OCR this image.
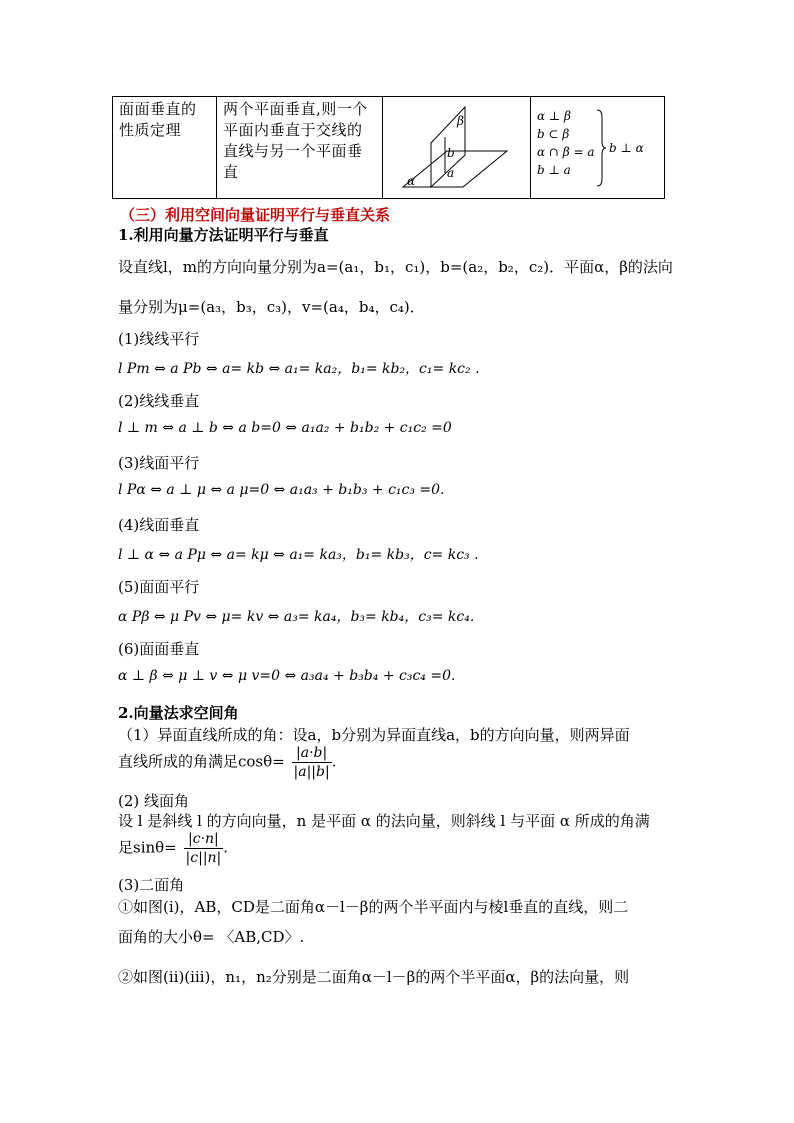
面面垂直的
性质定理
两个平面垂直,则一个
平面内垂直于交线的
直线与另一个平面垂
直
β
b
α
a
α ⊥ β
b ⊂ β
α ∩ β = a
b ⊥ a
b ⊥ α
（三）利用空间向量证明平行与垂直关系
1.利用向量方法证明平行与垂直
设直线l，m的方向向量分别为a=(a₁，b₁，c₁)，b=(a₂，b₂，c₂)．平面α，β的法向
量分别为μ=(a₃，b₃，c₃)，v=(a₄，b₄，c₄)．
(1)线线平行
l Pm ⇔ a Pb ⇔ a= kb ⇔ a₁= ka₂，b₁= kb₂，c₁= kc₂ .
(2)线线垂直
l ⊥ m ⇔ a ⊥ b ⇔ a b=0 ⇔ a₁a₂ + b₁b₂ + c₁c₂ =0
(3)线面平行
l Pα ⇔ a ⊥ μ ⇔ a μ=0 ⇔ a₁a₃ + b₁b₃ + c₁c₃ =0.
(4)线面垂直
l ⊥ α ⇔ a Pμ ⇔ a= kμ ⇔ a₁= ka₃，b₁= kb₃，c= kc₃ .
(5)面面平行
α Pβ ⇔ μ Pv ⇔ μ= kv ⇔ a₃= ka₄，b₃= kb₄，c₃= kc₄.
(6)面面垂直
α ⊥ β ⇔ μ ⊥ v ⇔ μ v=0 ⇔ a₃a₄ + b₃b₄ + c₃c₄ =0.
2.向量法求空间角
（1）异面直线所成的角：设a，b分别为异面直线a，b的方向向量，则两异面
直线所成的角满足$\cos\theta= \frac{|a\cdot b|}{|a||b|}$ .
(2) 线面角
设 l 是斜线 l 的方向向量，n 是平面 α 的法向量，则斜线 l 与平面 α 所成的角满
足$\sin\theta= \frac{|c\cdot n|}{|c||n|}$ .
(3)二面角
①如图(ⅰ)，AB，CD是二面角α－l－β的两个半平面内与棱l垂直的直线，则二
面角的大小θ= 〈AB,CD〉.
②如图(ⅱ)(ⅲ)，n₁，n₂分别是二面角α－l－β的两个半平面α，β的法向量，则
